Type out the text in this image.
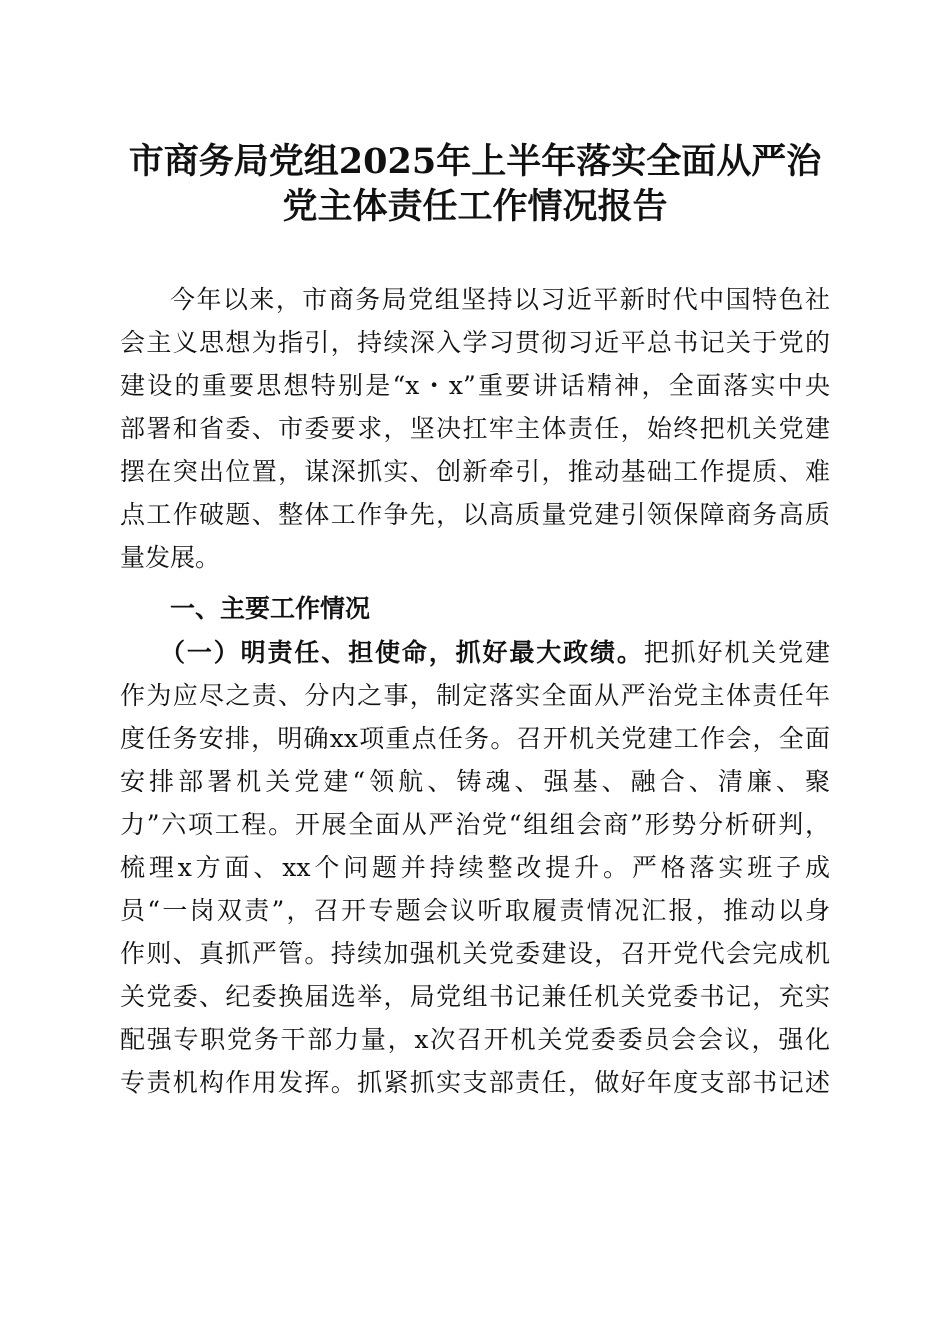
市商务局党组2025年上半年落实全面从严治
党主体责任工作情况报告
今年以来，市商务局党组坚持以习近平新时代中国特色社
会主义思想为指引，持续深入学习贯彻习近平总书记关于党的
建设的重要思想特别是“x・x”重要讲话精神，全面落实中央
部署和省委、市委要求，坚决扛牢主体责任，始终把机关党建
摆在突出位置，谋深抓实、创新牵引，推动基础工作提质、难
点工作破题、整体工作争先，以高质量党建引领保障商务高质
量发展。
一、主要工作情况
（一）明责任、担使命，抓好最大政绩。把抓好机关党建
作为应尽之责、分内之事，制定落实全面从严治党主体责任年
度任务安排，明确xx项重点任务。召开机关党建工作会，全面
安排部署机关党建“领航、铸魂、强基、融合、清廉、聚
力”六项工程。开展全面从严治党“组组会商”形势分析研判，
梳理x方面、xx个问题并持续整改提升。严格落实班子成
员“一岗双责”，召开专题会议听取履责情况汇报，推动以身
作则、真抓严管。持续加强机关党委建设，召开党代会完成机
关党委、纪委换届选举，局党组书记兼任机关党委书记，充实
配强专职党务干部力量，x次召开机关党委委员会会议，强化
专责机构作用发挥。抓紧抓实支部责任，做好年度支部书记述
